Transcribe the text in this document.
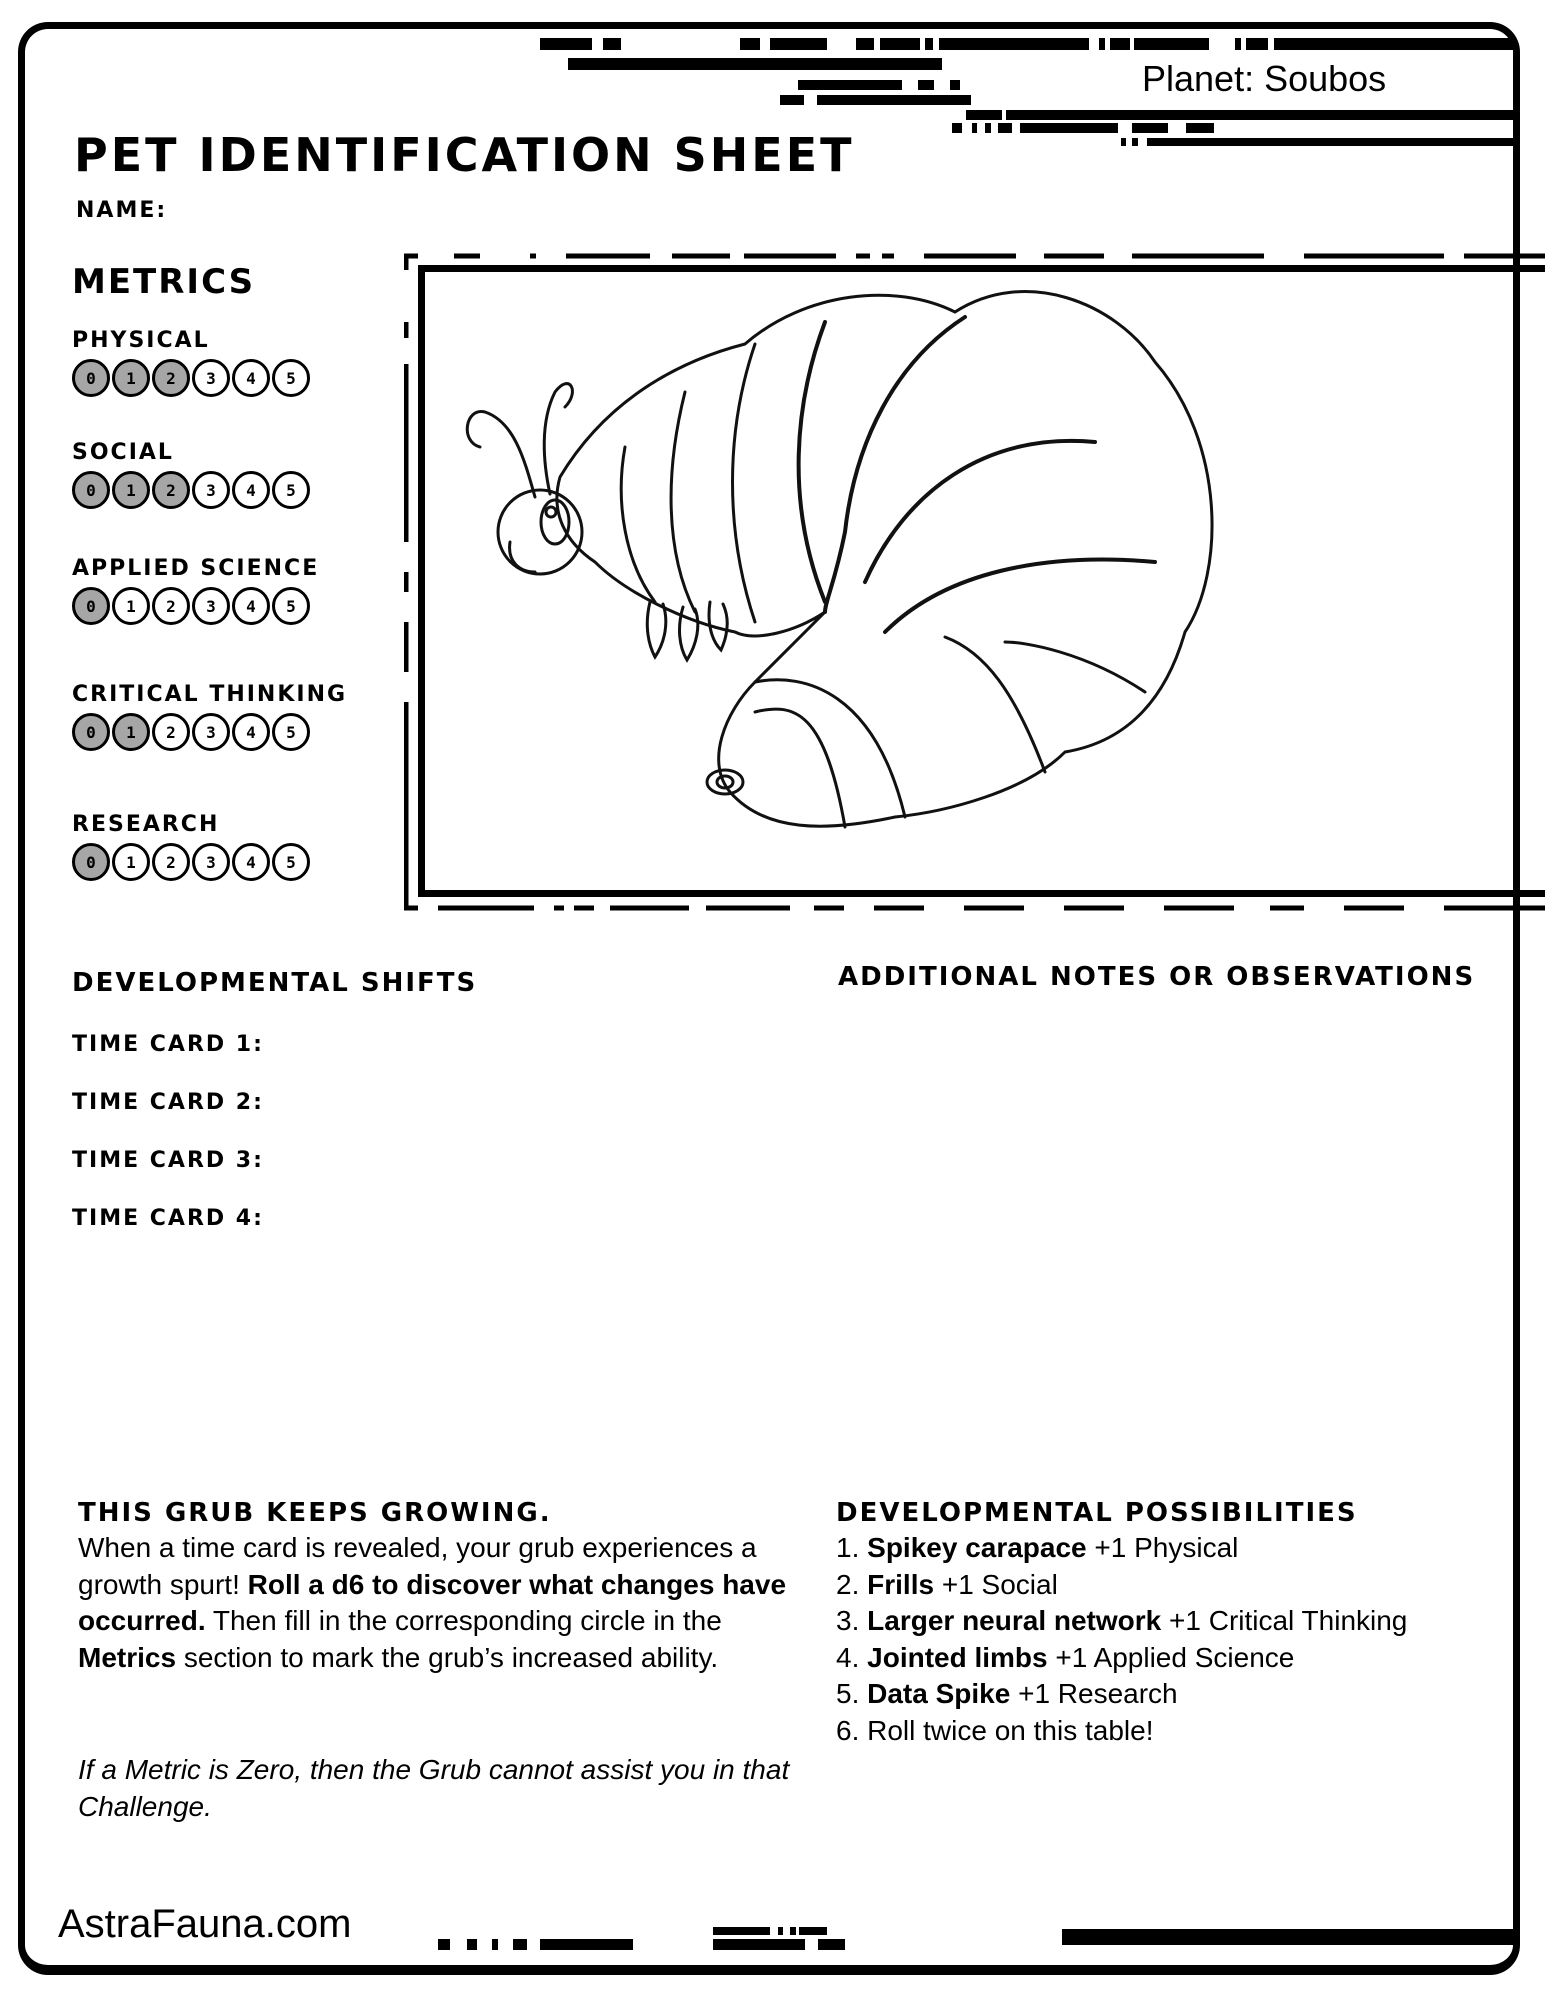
PET IDENTIFICATION SHEET
NAME:
Planet: Soubos
METRICS
PHYSICAL
0	1	2	3	4	5
SOCIAL
0	1	2	3	4	5
APPLIED SCIENCE
0	1	2	3	4	5
CRITICAL THINKING
0	1	2	3	4	5
RESEARCH
0	1	2	3	4	5
DEVELOPMENTAL SHIFTS
TIME CARD 1:
TIME CARD 2:
TIME CARD 3:
TIME CARD 4:
ADDITIONAL NOTES OR OBSERVATIONS
THIS GRUB KEEPS GROWING.
When a time card is revealed, your grub experiences a growth spurt! Roll a d6 to discover what changes have occurred. Then fill in the corresponding circle in the Metrics section to mark the grub’s increased ability.
If a Metric is Zero, then the Grub cannot assist you in that Challenge.
DEVELOPMENTAL POSSIBILITIES
1. Spikey carapace +1 Physical
2. Frills +1 Social
3. Larger neural network +1 Critical Thinking
4. Jointed limbs +1 Applied Science
5. Data Spike +1 Research
6. Roll twice on this table!
AstraFauna.com
